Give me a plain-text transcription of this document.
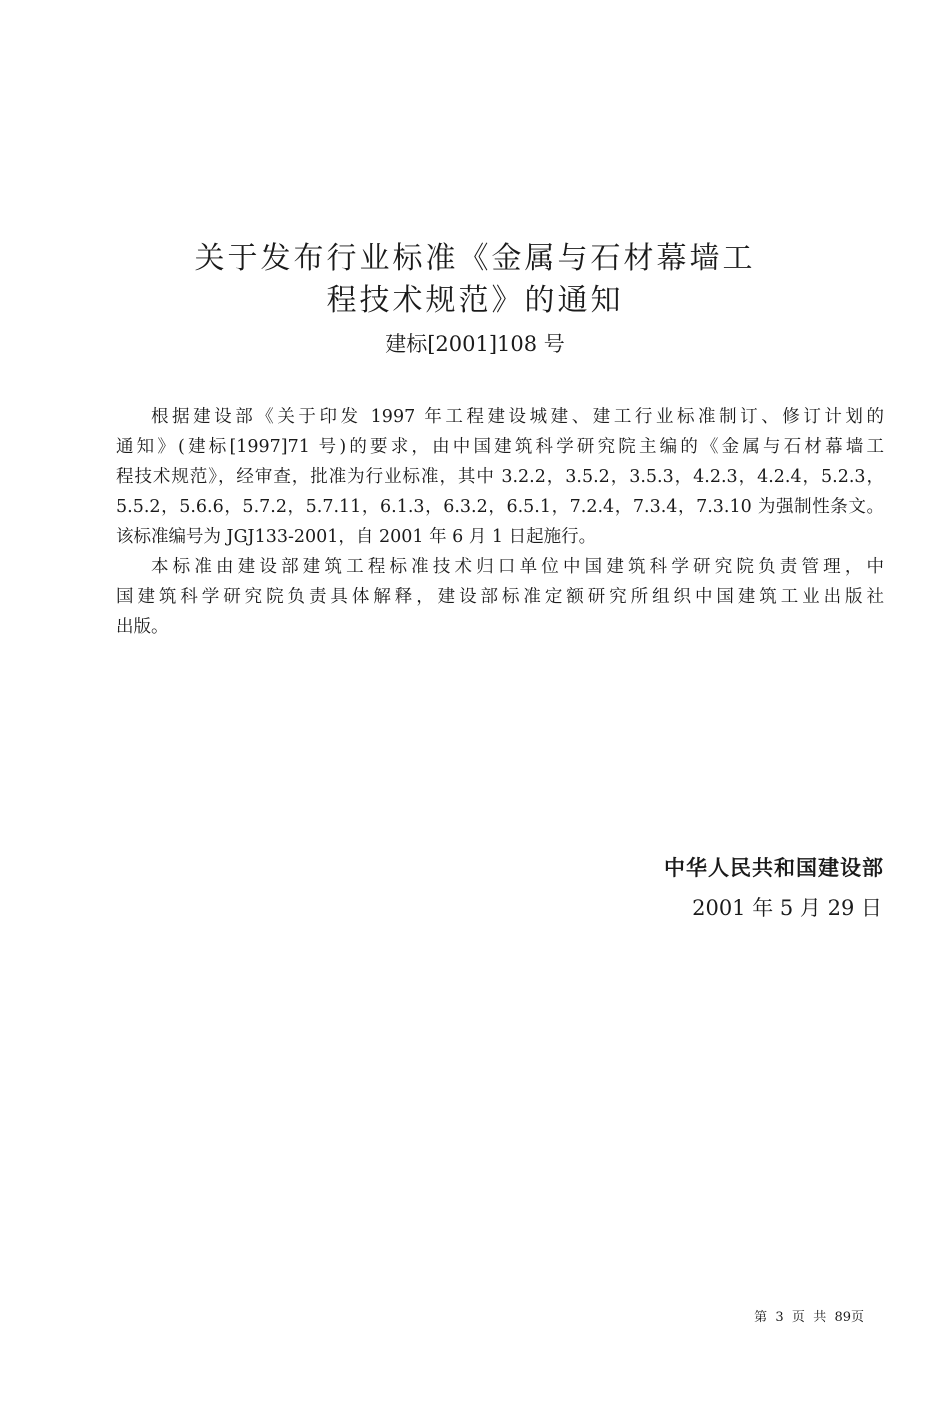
关于发布行业标准《金属与石材幕墙工
程技术规范》的通知
建标[2001]108 号
根据建设部《关于印发 1997 年工程建设城建、建工行业标准制订、修订计划的
通知》(建标[1997]71 号)的要求，由中国建筑科学研究院主编的《金属与石材幕墙工
程技术规范》，经审查，批准为行业标准，其中 3.2.2，3.5.2，3.5.3，4.2.3，4.2.4，5.2.3，
5.5.2，5.6.6，5.7.2，5.7.11，6.1.3，6.3.2，6.5.1，7.2.4，7.3.4，7.3.10 为强制性条文。
该标准编号为 JGJ133-2001，自 2001 年 6 月 1 日起施行。
本标准由建设部建筑工程标准技术归口单位中国建筑科学研究院负责管理，中
国建筑科学研究院负责具体解释，建设部标准定额研究所组织中国建筑工业出版社
出版。
中华人民共和国建设部
2001 年 5 月 29 日
第  3  页  共  89页
